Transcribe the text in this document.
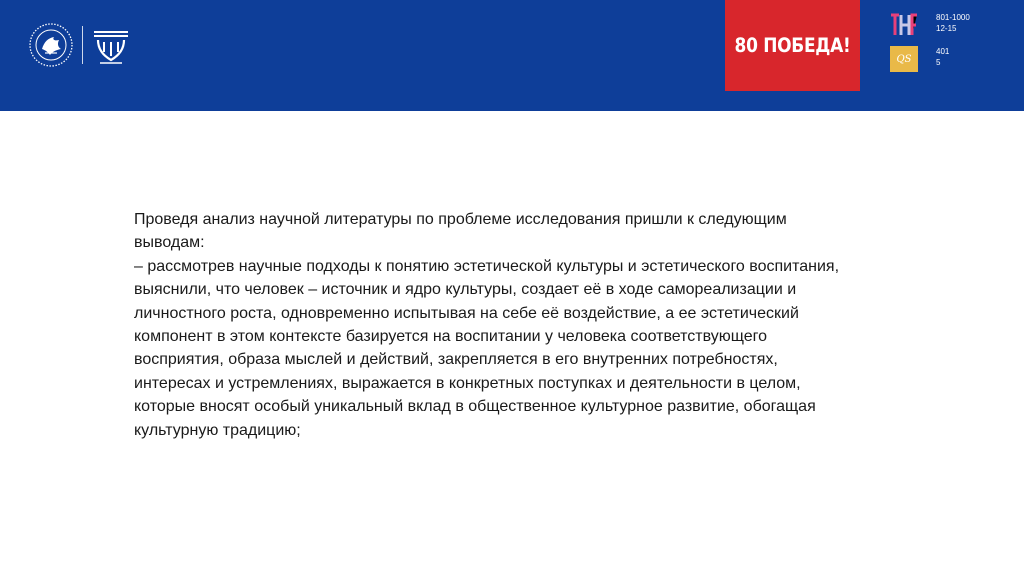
80 ПОБЕДА!
801-1000
12-15
QS
401
5

Проведя анализ научной литературы по проблеме исследования пришли к следующим выводам:

– рассмотрев научные подходы к понятию эстетической культуры и эстетического воспитания, выяснили, что человек – источник и ядро культуры, создает её в ходе самореализации и личностного роста, одновременно испытывая на себе её воздействие, а ее эстетический компонент в этом контексте базируется на воспитании у человека соответствующего восприятия, образа мыслей и действий, закрепляется в его внутренних потребностях, интересах и устремлениях, выражается в конкретных поступках и деятельности в целом, которые вносят особый уникальный вклад в общественное культурное развитие, обогащая культурную традицию;
